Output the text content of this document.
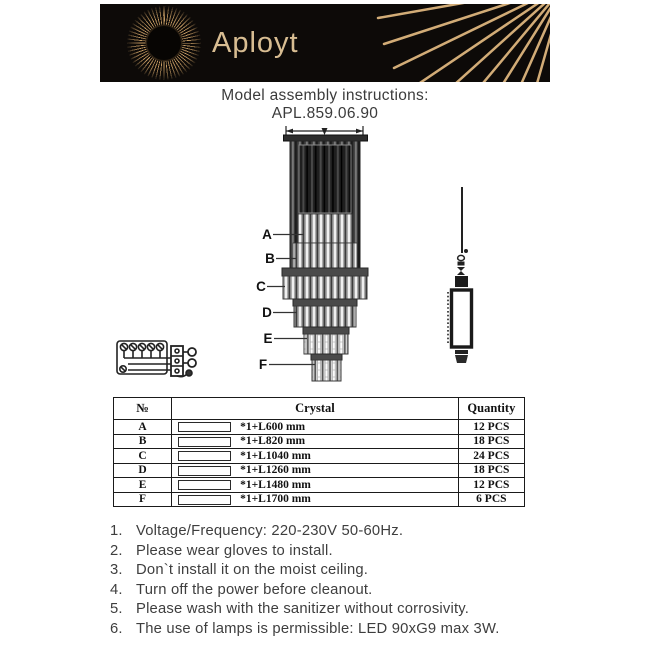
Aployt
Model assembly instructions:
APL.859.06.90
A
B
C
D
E
F
№	Crystal	Quantity
A	*1+L600 mm	12 PCS
B	*1+L820 mm	18 PCS
C	*1+L1040 mm	24 PCS
D	*1+L1260 mm	18 PCS
E	*1+L1480 mm	12 PCS
F	*1+L1700 mm	6 PCS
1. Voltage/Frequency: 220-230V 50-60Hz.
2. Please wear gloves to install.
3. Don`t install it on the moist ceiling.
4. Turn off the power before cleanout.
5. Please wash with the sanitizer without corrosivity.
6. The use of lamps is permissible: LED 90xG9 max 3W.
